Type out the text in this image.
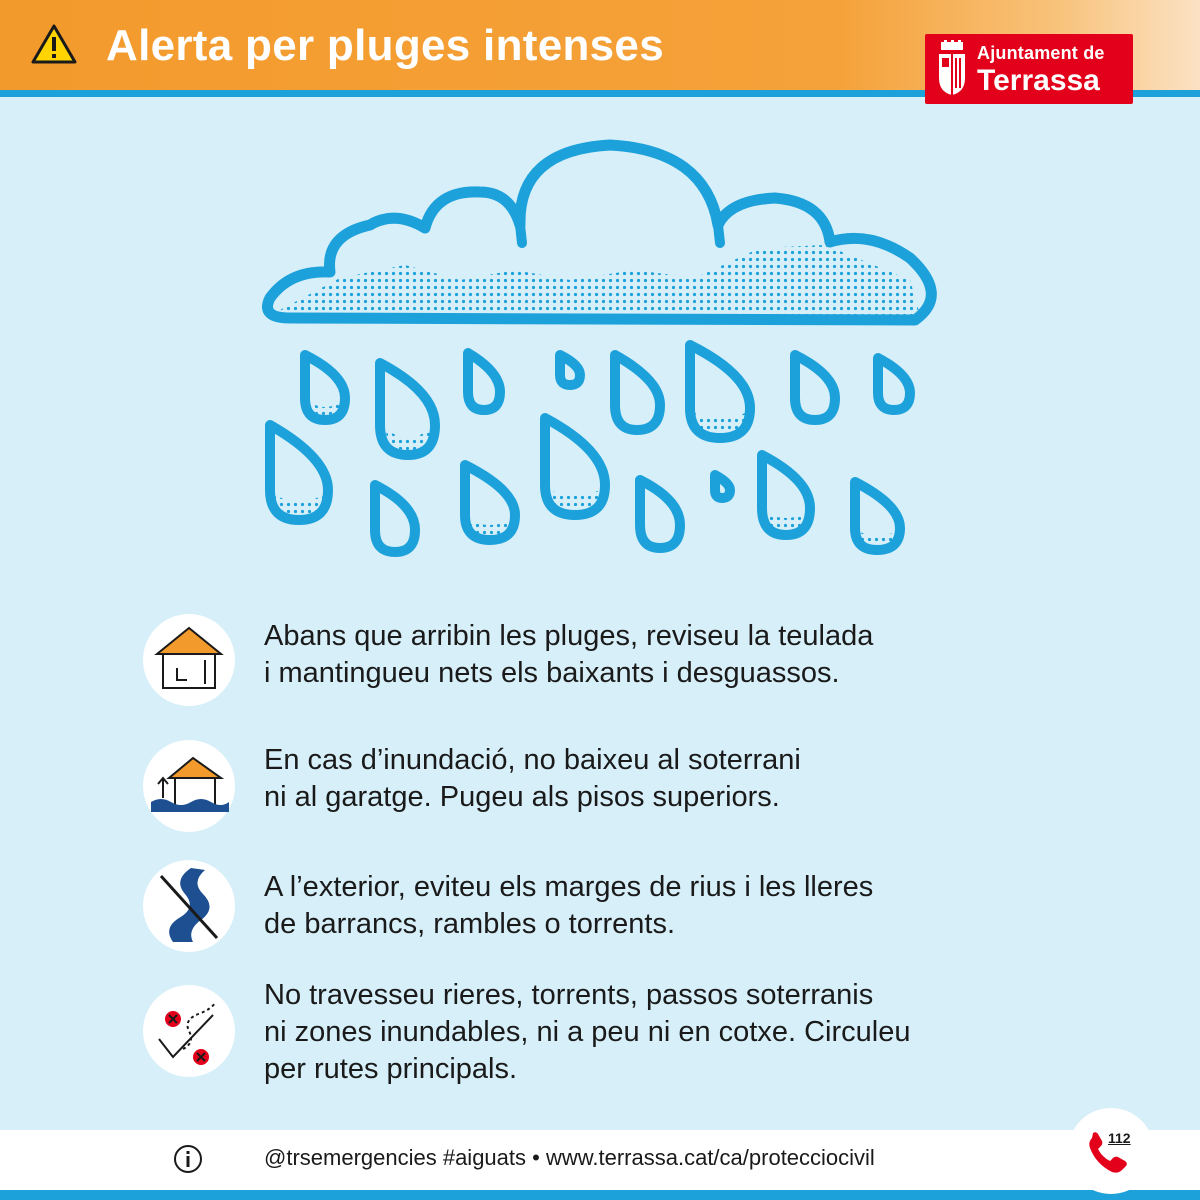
Alerta per pluges intenses	Ajuntament de
Terrassa
Abans que arribin les pluges, reviseu la teulada
i mantingueu nets els baixants i desguassos.
En cas d’inundació, no baixeu al soterrani
ni al garatge. Pugeu als pisos superiors.
A l’exterior, eviteu els marges de rius i les lleres
de barrancs, rambles o torrents.
No travesseu rieres, torrents, passos soterranis
ni zones inundables, ni a peu ni en cotxe. Circuleu
per rutes principals.
@trsemergencies #aiguats • www.terrassa.cat/ca/protecciocivil
112
